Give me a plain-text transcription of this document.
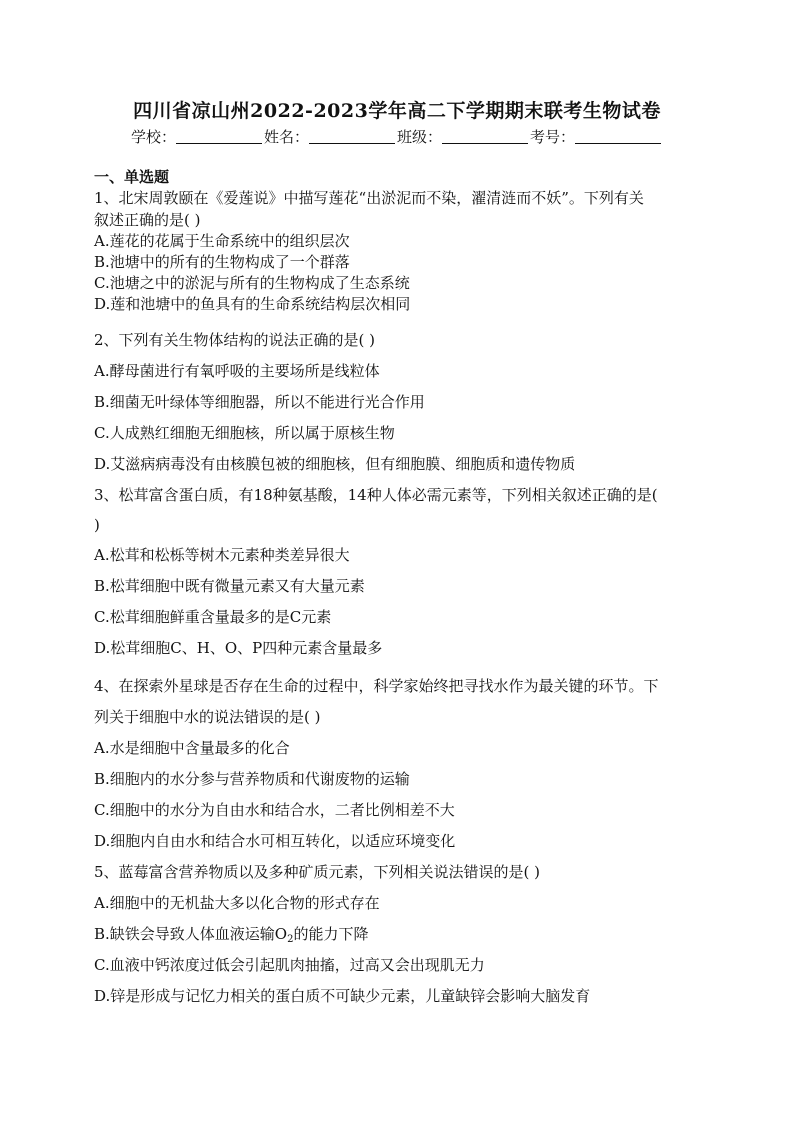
四川省凉山州2022-2023学年高二下学期期末联考生物试卷
学校：	姓名：	班级：	考号：
一、单选题
1、北宋周敦颐在《爱莲说》中描写莲花“出淤泥而不染，濯清涟而不妖”。下列有关
叙述正确的是( )
A.莲花的花属于生命系统中的组织层次
B.池塘中的所有的生物构成了一个群落
C.池塘之中的淤泥与所有的生物构成了生态系统
D.莲和池塘中的鱼具有的生命系统结构层次相同
2、下列有关生物体结构的说法正确的是( )
A.酵母菌进行有氧呼吸的主要场所是线粒体
B.细菌无叶绿体等细胞器，所以不能进行光合作用
C.人成熟红细胞无细胞核，所以属于原核生物
D.艾滋病病毒没有由核膜包被的细胞核，但有细胞膜、细胞质和遗传物质
3、松茸富含蛋白质，有18种氨基酸，14种人体必需元素等，下列相关叙述正确的是(
)
A.松茸和松栎等树木元素种类差异很大
B.松茸细胞中既有微量元素又有大量元素
C.松茸细胞鲜重含量最多的是C元素
D.松茸细胞C、H、O、P四种元素含量最多
4、在探索外星球是否存在生命的过程中，科学家始终把寻找水作为最关键的环节。下
列关于细胞中水的说法错误的是( )
A.水是细胞中含量最多的化合
B.细胞内的水分参与营养物质和代谢废物的运输
C.细胞中的水分为自由水和结合水，二者比例相差不大
D.细胞内自由水和结合水可相互转化，以适应环境变化
5、蓝莓富含营养物质以及多种矿质元素，下列相关说法错误的是( )
A.细胞中的无机盐大多以化合物的形式存在
B.缺铁会导致人体血液运输$O_2$的能力下降
C.血液中钙浓度过低会引起肌肉抽搐，过高又会出现肌无力
D.锌是形成与记忆力相关的蛋白质不可缺少元素，儿童缺锌会影响大脑发育
